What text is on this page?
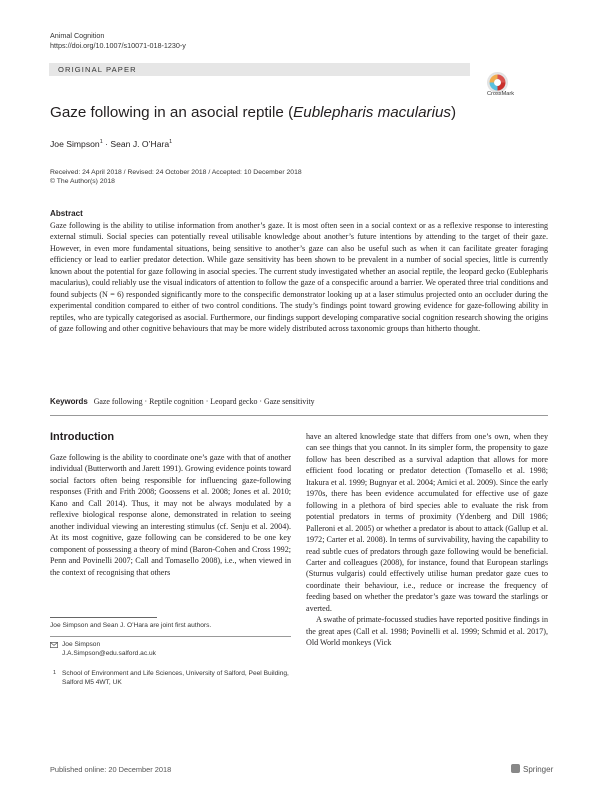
Animal Cognition
https://doi.org/10.1007/s10071-018-1230-y
ORIGINAL PAPER
CrossMark
Gaze following in an asocial reptile (Eublepharis macularius)
Joe Simpson$^1$ · Sean J. O’Hara$^1$
Received: 24 April 2018 / Revised: 24 October 2018 / Accepted: 10 December 2018
© The Author(s) 2018
Abstract

Gaze following is the ability to utilise information from another’s gaze. It is most often seen in a social context or as a reflexive response to interesting external stimuli. Social species can potentially reveal utilisable knowledge about another’s future intentions by attending to the target of their gaze. However, in even more fundamental situations, being sensitive to another’s gaze can also be useful such as when it can facilitate greater foraging efficiency or lead to earlier predator detection. While gaze sensitivity has been shown to be prevalent in a number of social species, little is currently known about the potential for gaze following in asocial species. The current study investigated whether an asocial reptile, the leopard gecko (Eublepharis macularius), could reliably use the visual indicators of attention to follow the gaze of a conspecific around a barrier. We operated three trial conditions and found subjects (N = 6) responded significantly more to the conspecific demonstrator looking up at a laser stimulus projected onto an occluder during the experimental condition compared to either of two control conditions. The study’s findings point toward growing evidence for gaze-following ability in reptiles, who are typically categorised as asocial. Furthermore, our findings support developing comparative social cognition research showing the origins of gaze following and other cognitive behaviours that may be more widely distributed across taxonomic groups than hitherto thought.

Keywords Gaze following · Reptile cognition · Leopard gecko · Gaze sensitivity
Introduction

Gaze following is the ability to coordinate one’s gaze with that of another individual (Butterworth and Jarett 1991). Growing evidence points toward social factors often being responsible for influencing gaze-following responses (Frith and Frith 2008; Goossens et al. 2008; Jones et al. 2010; Kano and Call 2014). Thus, it may not be always modulated by a reflexive biological response alone, demonstrated in relation to seeing another individual viewing an interesting stimulus (cf. Senju et al. 2004). At its most cognitive, gaze following can be considered to be one key component of possessing a theory of mind (Baron-Cohen and Cross 1992; Penn and Povinelli 2007; Call and Tomasello 2008), i.e., when viewed in the context of recognising that others

have an altered knowledge state that differs from one’s own, when they can see things that you cannot. In its simpler form, the propensity to gaze follow has been described as a survival adaption that allows for more efficient food locating or predator detection (Tomasello et al. 1998; Itakura et al. 1999; Bugnyar et al. 2004; Amici et al. 2009). Since the early 1970s, there has been evidence accumulated for effective use of gaze following in a plethora of bird species able to evaluate the risk from potential predators in terms of proximity (Ydenberg and Dill 1986; Palleroni et al. 2005) or whether a predator is about to attack (Gallup et al. 1972; Carter et al. 2008). In terms of survivability, having the capability to read subtle cues of predators through gaze following would be beneficial. Carter and colleagues (2008), for instance, found that European starlings (Sturnus vulgaris) could effectively utilise human predator gaze cues to coordinate their behaviour, i.e., reduce or increase the frequency of feeding based on whether the predator’s gaze was toward the starlings or averted.

A swathe of primate-focussed studies have reported positive findings in the great apes (Call et al. 1998; Povinelli et al. 1999; Schmid et al. 2017), Old World monkeys (Vick

Joe Simpson and Sean J. O’Hara are joint first authors.
Joe Simpson
J.A.Simpson@edu.salford.ac.uk
1 School of Environment and Life Sciences, University of Salford, Peel Building, Salford M5 4WT, UK
Published online: 20 December 2018	Springer
